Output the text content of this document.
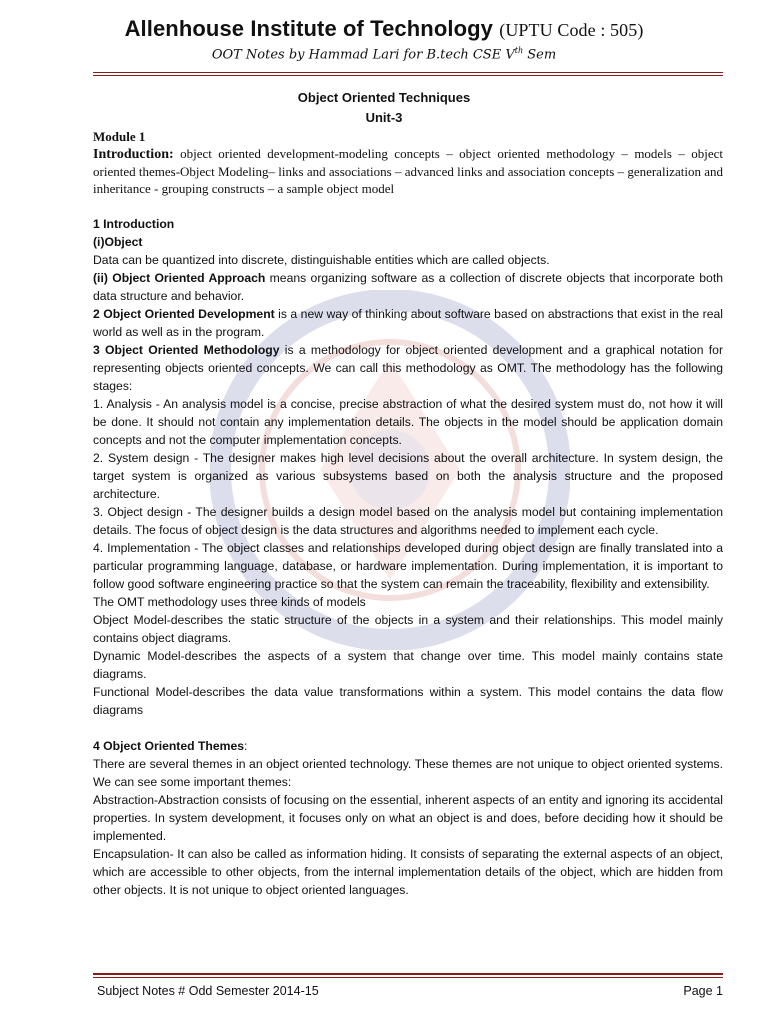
Allenhouse Institute of Technology (UPTU Code : 505)
OOT Notes by Hammad Lari for B.tech CSE Vth Sem
Object Oriented Techniques
Unit-3

Module 1

Introduction: object oriented development-modeling concepts – object oriented methodology – models – object oriented themes-Object Modeling– links and associations – advanced links and association concepts – generalization and inheritance - grouping constructs – a sample object model

1 Introduction

(i)Object

Data can be quantized into discrete, distinguishable entities which are called objects.

(ii) Object Oriented Approach means organizing software as a collection of discrete objects that incorporate both data structure and behavior.

2 Object Oriented Development is a new way of thinking about software based on abstractions that exist in the real world as well as in the program.

3 Object Oriented Methodology is a methodology for object oriented development and a graphical notation for representing objects oriented concepts. We can call this methodology as OMT. The methodology has the following stages:

1. Analysis - An analysis model is a concise, precise abstraction of what the desired system must do, not how it will be done. It should not contain any implementation details. The objects in the model should be application domain concepts and not the computer implementation concepts.

2. System design - The designer makes high level decisions about the overall architecture. In system design, the target system is organized as various subsystems based on both the analysis structure and the proposed architecture.

3. Object design - The designer builds a design model based on the analysis model but containing implementation details. The focus of object design is the data structures and algorithms needed to implement each cycle.

4. Implementation - The object classes and relationships developed during object design are finally translated into a particular programming language, database, or hardware implementation. During implementation, it is important to follow good software engineering practice so that the system can remain the traceability, flexibility and extensibility.

The OMT methodology uses three kinds of models

Object Model-describes the static structure of the objects in a system and their relationships. This model mainly contains object diagrams.

Dynamic Model-describes the aspects of a system that change over time. This model mainly contains state diagrams.

Functional Model-describes the data value transformations within a system. This model contains the data flow diagrams

4 Object Oriented Themes:

There are several themes in an object oriented technology. These themes are not unique to object oriented systems. We can see some important themes:

Abstraction-Abstraction consists of focusing on the essential, inherent aspects of an entity and ignoring its accidental properties. In system development, it focuses only on what an object is and does, before deciding how it should be implemented.

Encapsulation- It can also be called as information hiding. It consists of separating the external aspects of an object, which are accessible to other objects, from the internal implementation details of the object, which are hidden from other objects. It is not unique to object oriented languages.

Subject Notes # Odd Semester 2014-15	Page 1
